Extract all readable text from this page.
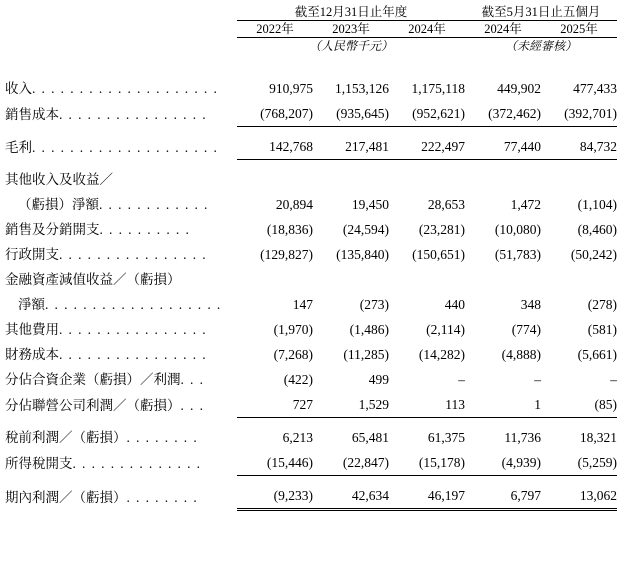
	截至12月31日止年度			截至5月31日止五個月	
	2022年	2023年	2024年	2024年	2025年
	（人民幣千元）			（未經審核）	

收入. . . . . . . . . . . . . . . . . . . .	910,975	1,153,126	1,175,118	449,902	477,433
銷售成本. . . . . . . . . . . . . . . .	(768,207)	(935,645)	(952,621)	(372,462)	(392,701)

毛利. . . . . . . . . . . . . . . . . . . .	142,768	217,481	222,497	77,440	84,732

其他收入及收益／					
（虧損）淨額. . . . . . . . . . . .	20,894	19,450	28,653	1,472	(1,104)
銷售及分銷開支. . . . . . . . . .	(18,836)	(24,594)	(23,281)	(10,080)	(8,460)
行政開支. . . . . . . . . . . . . . . .	(129,827)	(135,840)	(150,651)	(51,783)	(50,242)
金融資產減值收益／（虧損）					
淨額. . . . . . . . . . . . . . . . . . .	147	(273)	440	348	(278)
其他費用. . . . . . . . . . . . . . . .	(1,970)	(1,486)	(2,114)	(774)	(581)
財務成本. . . . . . . . . . . . . . . .	(7,268)	(11,285)	(14,282)	(4,888)	(5,661)
分佔合資企業（虧損）／利潤. . .	(422)	499	–	–	–
分佔聯營公司利潤／（虧損）. . .	727	1,529	113	1	(85)

稅前利潤／（虧損）. . . . . . . .	6,213	65,481	61,375	11,736	18,321
所得稅開支. . . . . . . . . . . . . .	(15,446)	(22,847)	(15,178)	(4,939)	(5,259)

期內利潤／（虧損）. . . . . . . .	(9,233)	42,634	46,197	6,797	13,062
